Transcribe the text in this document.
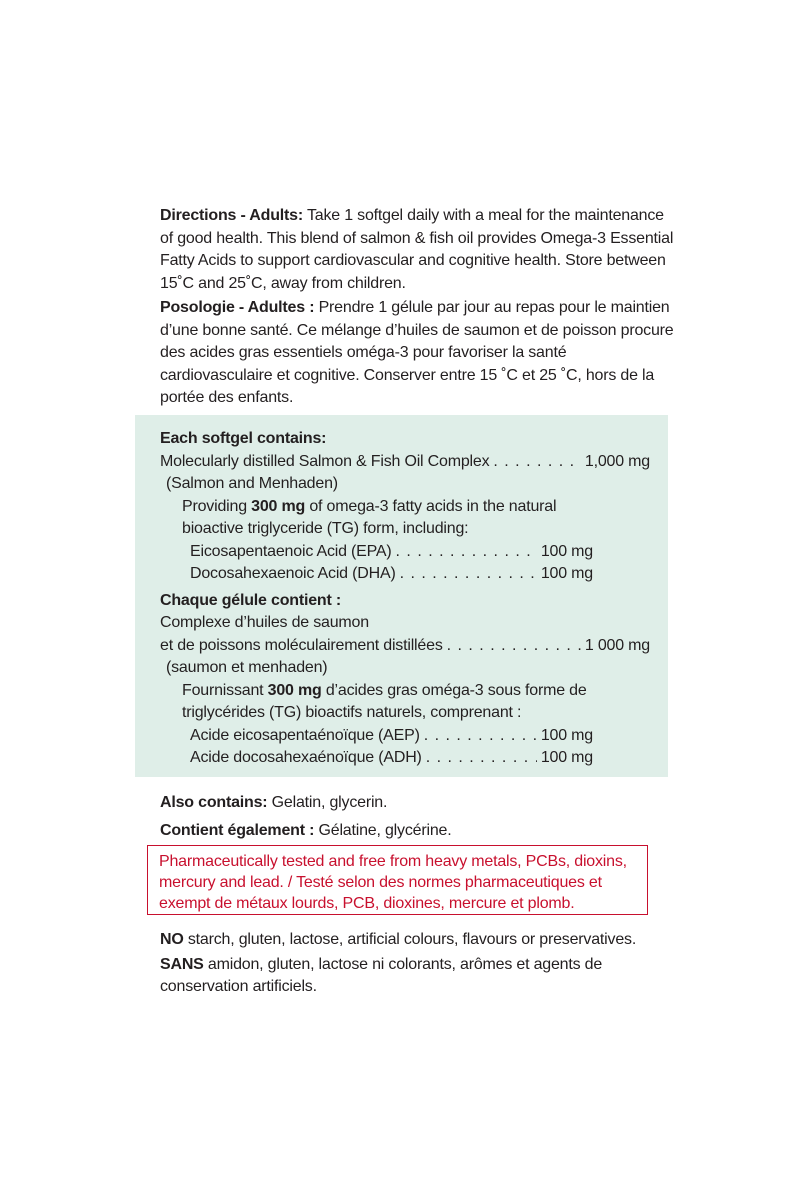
Directions - Adults: Take 1 softgel daily with a meal for the maintenance of good health. This blend of salmon & fish oil provides Omega-3 Essential Fatty Acids to support cardiovascular and cognitive health. Store between 15˚C and 25˚C, away from children.

Posologie - Adultes : Prendre 1 gélule par jour au repas pour le maintien d’une bonne santé. Ce mélange d’huiles de saumon et de poisson procure des acides gras essentiels oméga-3 pour favoriser la santé cardiovasculaire et cognitive. Conserver entre 15 ˚C et 25 ˚C, hors de la portée des enfants.

Each softgel contains:
Molecularly distilled Salmon & Fish Oil Complex . . .	1,000 mg
(Salmon and Menhaden)
Providing 300 mg of omega-3 fatty acids in the natural
bioactive triglyceride (TG) form, including:
Eicosapentaenoic Acid (EPA) . . .	100 mg
Docosahexaenoic Acid (DHA) . . .	100 mg
Chaque gélule contient :
Complexe d’huiles de saumon
et de poissons moléculairement distillées . . .	1 000 mg
(saumon et menhaden)
Fournissant 300 mg d’acides gras oméga-3 sous forme de
triglycérides (TG) bioactifs naturels, comprenant :
Acide eicosapentaénoïque (AEP) . . .	100 mg
Acide docosahexaénoïque (ADH) . . .	100 mg

Also contains: Gelatin, glycerin.

Contient également : Gélatine, glycérine.

Pharmaceutically tested and free from heavy metals, PCBs, dioxins, mercury and lead. / Testé selon des normes pharmaceutiques et exempt de métaux lourds, PCB, dioxines, mercure et plomb.

NO starch, gluten, lactose, artificial colours, flavours or preservatives.

SANS amidon, gluten, lactose ni colorants, arômes et agents de conservation artificiels.
